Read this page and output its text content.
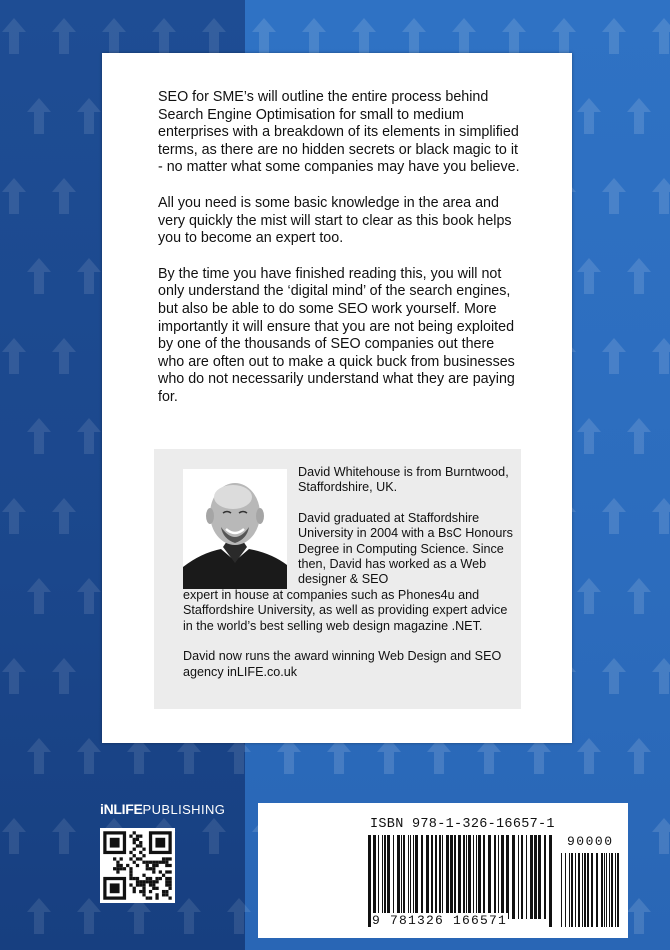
SEO for SME’s will outline the entire process behind Search Engine Optimisation for small to medium enterprises with a breakdown of its elements in simplified terms, as there are no hidden secrets or black magic to it - no matter what some companies may have you believe.

All you need is some basic knowledge in the area and very quickly the mist will start to clear as this book helps you to become an expert too.

By the time you have finished reading this, you will not only understand the ‘digital mind’ of the search engines, but also be able to do some SEO work yourself. More importantly it will ensure that you are not being exploited by one of the thousands of SEO companies out there who are often out to make a quick buck from businesses who do not necessarily understand what they are paying for.

David Whitehouse is from Burntwood, Staffordshire, UK.

David graduated at Staffordshire University in 2004 with a BsC Honours Degree in Computing Science. Since then, David has worked as a Web designer & SEO

expert in house at companies such as Phones4u and Staffordshire University, as well as providing expert advice in the world’s best selling web design magazine .NET.

David now runs the award winning Web Design and SEO agency inLIFE.co.uk

iNLIFEPUBLISHING
ISBN 978-1-326-16657-1
90000
9 781326 166571
